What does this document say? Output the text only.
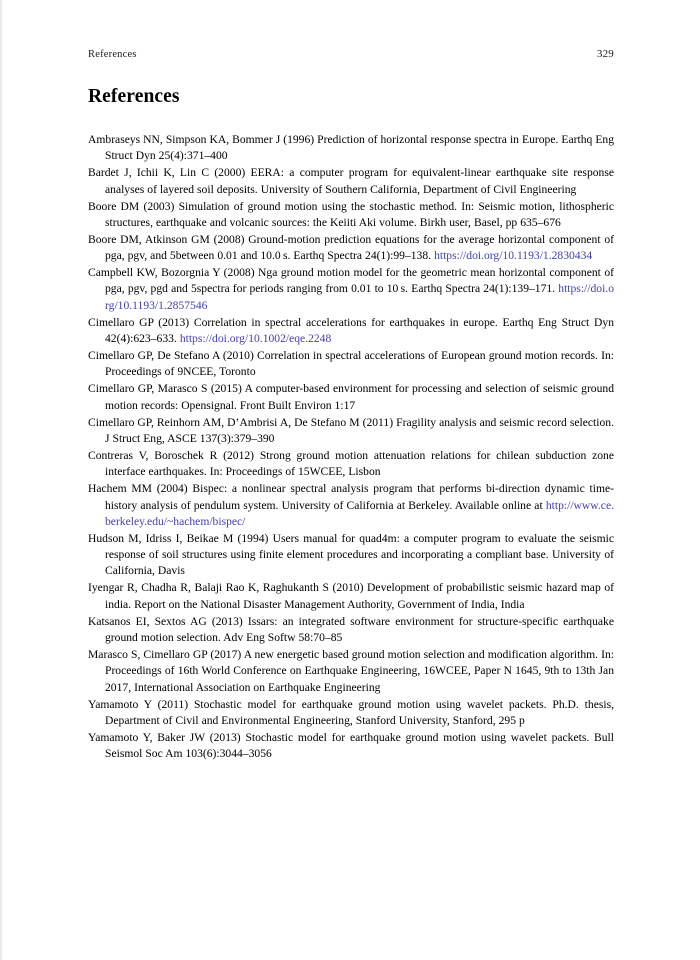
References	329
References
Ambraseys NN, Simpson KA, Bommer J (1996) Prediction of horizontal response spectra in Europe. Earthq Eng Struct Dyn 25(4):371–400
Bardet J, Ichii K, Lin C (2000) EERA: a computer program for equivalent-linear earthquake site response analyses of layered soil deposits. University of Southern California, Department of Civil Engineering
Boore DM (2003) Simulation of ground motion using the stochastic method. In: Seismic motion, lithospheric structures, earthquake and volcanic sources: the Keiiti Aki volume. Birkh user, Basel, pp 635–676
Boore DM, Atkinson GM (2008) Ground-motion prediction equations for the average horizontal component of pga, pgv, and 5between 0.01 and 10.0 s. Earthq Spectra 24(1):99–138. https://doi.org/10.1193/1.2830434
Campbell KW, Bozorgnia Y (2008) Nga ground motion model for the geometric mean horizontal component of pga, pgv, pgd and 5spectra for periods ranging from 0.01 to 10 s. Earthq Spectra 24(1):139–171. https://doi.org/10.1193/1.2857546
Cimellaro GP (2013) Correlation in spectral accelerations for earthquakes in europe. Earthq Eng Struct Dyn 42(4):623–633. https://doi.org/10.1002/eqe.2248
Cimellaro GP, De Stefano A (2010) Correlation in spectral accelerations of European ground motion records. In: Proceedings of 9NCEE, Toronto
Cimellaro GP, Marasco S (2015) A computer-based environment for processing and selection of seismic ground motion records: Opensignal. Front Built Environ 1:17
Cimellaro GP, Reinhorn AM, D’Ambrisi A, De Stefano M (2011) Fragility analysis and seismic record selection. J Struct Eng, ASCE 137(3):379–390
Contreras V, Boroschek R (2012) Strong ground motion attenuation relations for chilean subduction zone interface earthquakes. In: Proceedings of 15WCEE, Lisbon
Hachem MM (2004) Bispec: a nonlinear spectral analysis program that performs bi-direction dynamic time-history analysis of pendulum system. University of California at Berkeley. Available online at http://www.ce.berkeley.edu/~hachem/bispec/
Hudson M, Idriss I, Beikae M (1994) Users manual for quad4m: a computer program to evaluate the seismic response of soil structures using finite element procedures and incorporating a compliant base. University of California, Davis
Iyengar R, Chadha R, Balaji Rao K, Raghukanth S (2010) Development of probabilistic seismic hazard map of india. Report on the National Disaster Management Authority, Government of India, India
Katsanos EI, Sextos AG (2013) Issars: an integrated software environment for structure-specific earthquake ground motion selection. Adv Eng Softw 58:70–85
Marasco S, Cimellaro GP (2017) A new energetic based ground motion selection and modification algorithm. In: Proceedings of 16th World Conference on Earthquake Engineering, 16WCEE, Paper N 1645, 9th to 13th Jan 2017, International Association on Earthquake Engineering
Yamamoto Y (2011) Stochastic model for earthquake ground motion using wavelet packets. Ph.D. thesis, Department of Civil and Environmental Engineering, Stanford University, Stanford, 295 p
Yamamoto Y, Baker JW (2013) Stochastic model for earthquake ground motion using wavelet packets. Bull Seismol Soc Am 103(6):3044–3056
